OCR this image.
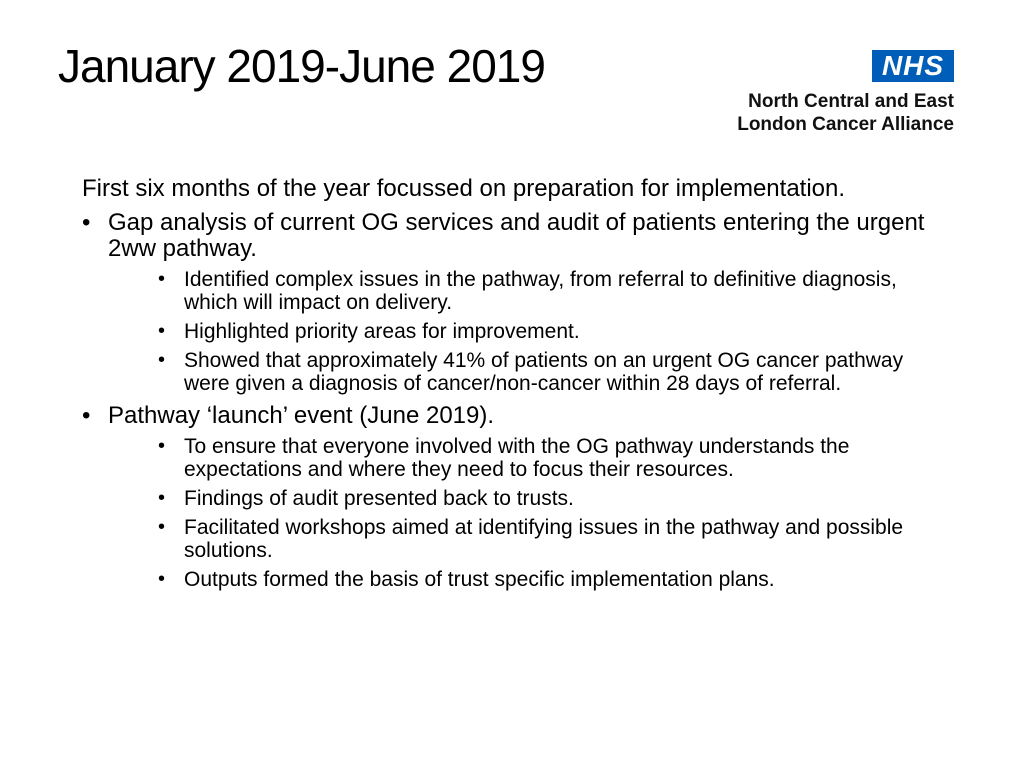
January 2019-June 2019	NHS
North Central and East
London Cancer Alliance

First six months of the year focussed on preparation for implementation.

• Gap analysis of current OG services and audit of patients entering the urgent 2ww pathway.
• Identified complex issues in the pathway, from referral to definitive diagnosis, which will impact on delivery.
• Highlighted priority areas for improvement.
• Showed that approximately 41% of patients on an urgent OG cancer pathway were given a diagnosis of cancer/non-cancer within 28 days of referral.
• Pathway ‘launch’ event (June 2019).
• To ensure that everyone involved with the OG pathway understands the expectations and where they need to focus their resources.
• Findings of audit presented back to trusts.
• Facilitated workshops aimed at identifying issues in the pathway and possible solutions.
• Outputs formed the basis of trust specific implementation plans.
